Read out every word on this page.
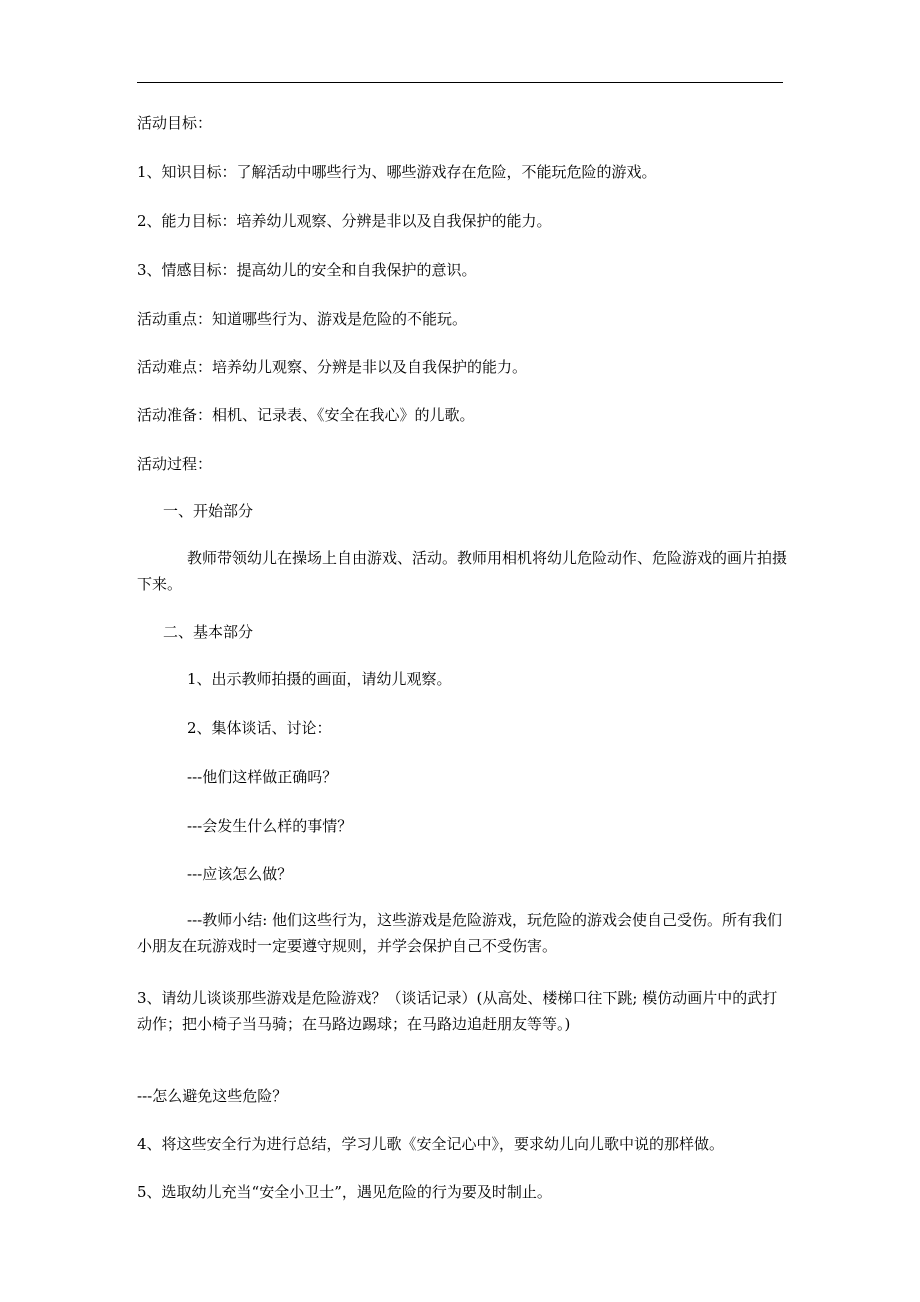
活动目标：
1、知识目标：了解活动中哪些行为、哪些游戏存在危险，不能玩危险的游戏。
2、能力目标：培养幼儿观察、分辨是非以及自我保护的能力。
3、情感目标：提高幼儿的安全和自我保护的意识。
活动重点：知道哪些行为、游戏是危险的不能玩。
活动难点：培养幼儿观察、分辨是非以及自我保护的能力。
活动准备：相机、记录表、《安全在我心》的儿歌。
活动过程：
一、开始部分
教师带领幼儿在操场上自由游戏、活动。教师用相机将幼儿危险动作、危险游戏的画片拍摄下来。
二、基本部分
1、出示教师拍摄的画面，请幼儿观察。
2、集体谈话、讨论：
---他们这样做正确吗？
---会发生什么样的事情？
---应该怎么做？
---教师小结: 他们这些行为，这些游戏是危险游戏，玩危险的游戏会使自己受伤。所有我们小朋友在玩游戏时一定要遵守规则，并学会保护自己不受伤害。
3、请幼儿谈谈那些游戏是危险游戏？（谈话记录）(从高处、楼梯口往下跳; 模仿动画片中的武打动作；把小椅子当马骑；在马路边踢球；在马路边追赶朋友等等。)
---怎么避免这些危险？
4、将这些安全行为进行总结，学习儿歌《安全记心中》，要求幼儿向儿歌中说的那样做。
5、选取幼儿充当“安全小卫士”，遇见危险的行为要及时制止。
